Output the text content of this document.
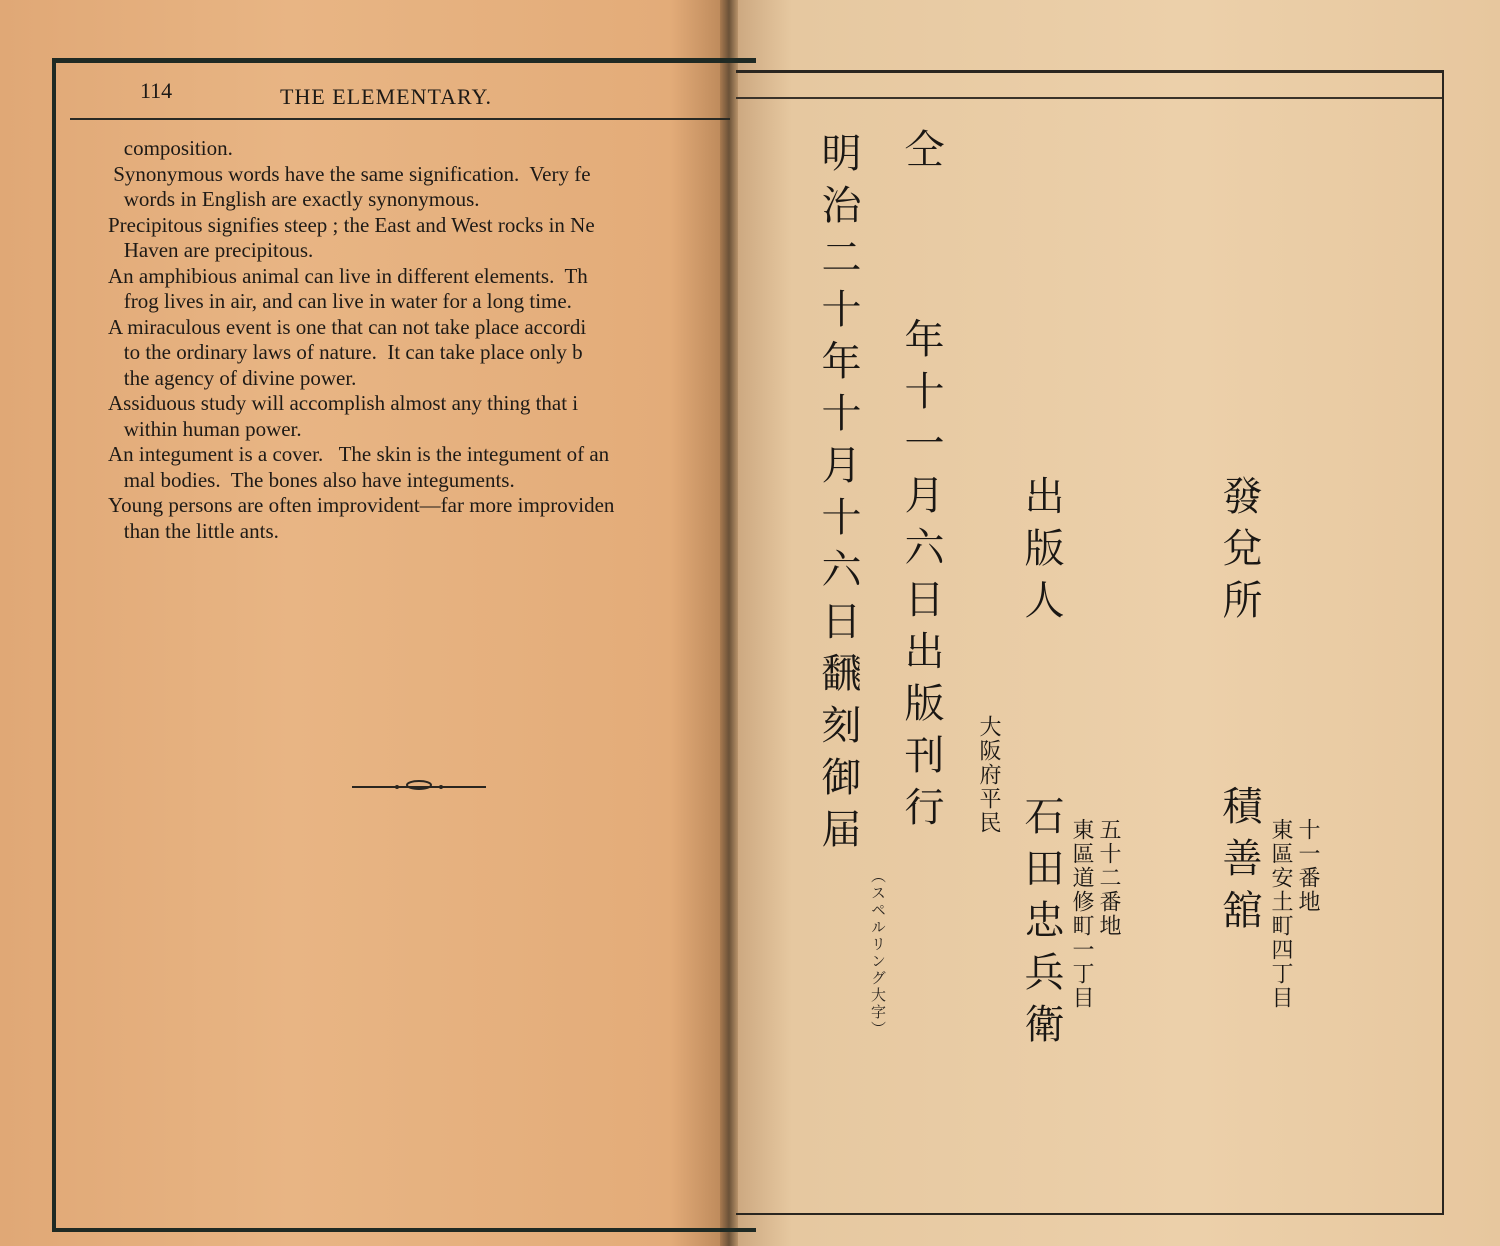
114	THE ELEMENTARY.
composition.
Synonymous words have the same signification.  Very fe
words in English are exactly synonymous.
Precipitous signifies steep ; the East and West rocks in Ne
Haven are precipitous.
An amphibious animal can live in different elements.  Th
frog lives in air, and can live in water for a long time.
A miraculous event is one that can not take place accordi
to the ordinary laws of nature.  It can take place only b
the agency of divine power.
Assiduous study will accomplish almost any thing that i
within human power.
An integument is a cover.   The skin is the integument of an
mal bodies.  The bones also have integuments.
Young persons are often improvident—far more improviden
than the little ants.	明治二十年十月十六日飜刻御届 仝
年十一月六日出版刊行
（スペルリング大字）
出版人
大阪府平民
石田忠兵衛 五十二番地
東區道修町一丁目
發兌所
積善舘 十一番地
東區安土町四丁目
